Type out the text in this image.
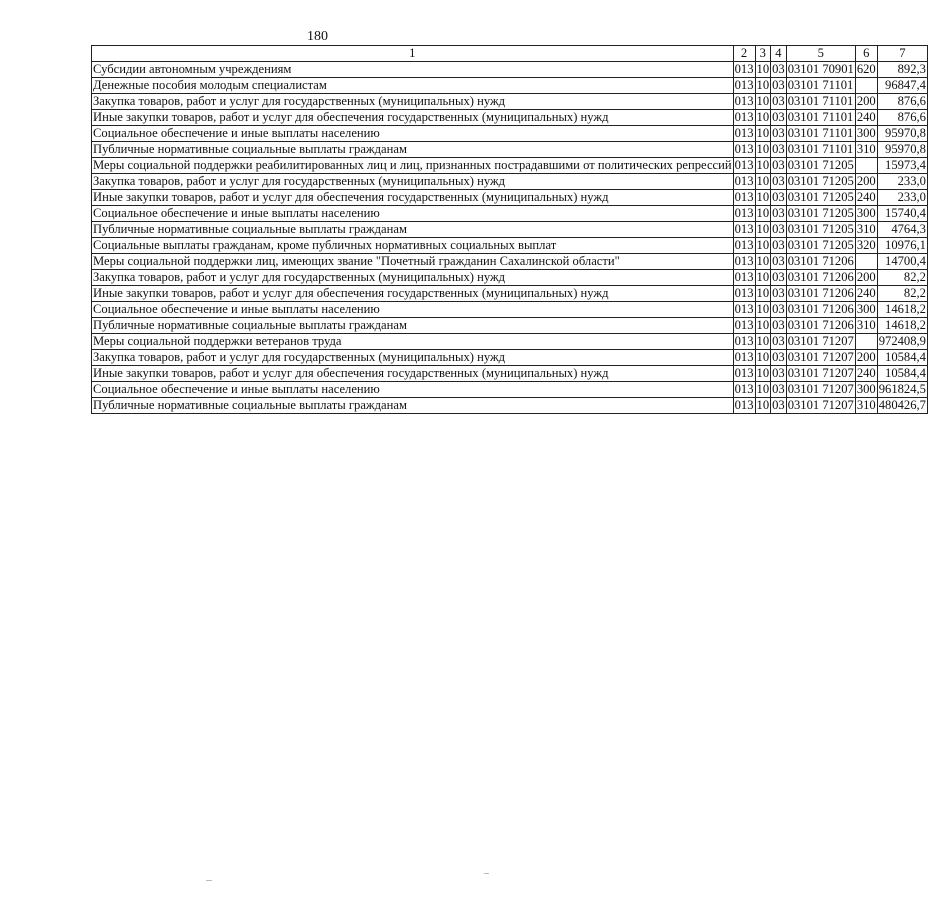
180
1	2	3	4	5	6	7
Субсидии автономным учреждениям	013	10	03	03101 70901	620	892,3
Денежные пособия молодым специалистам	013	10	03	03101 71101		96847,4
Закупка товаров, работ и услуг для государственных (муниципальных) нужд	013	10	03	03101 71101	200	876,6
Иные закупки товаров, работ и услуг для обеспечения государственных (муниципальных) нужд	013	10	03	03101 71101	240	876,6
Социальное обеспечение и иные выплаты населению	013	10	03	03101 71101	300	95970,8
Публичные нормативные социальные выплаты гражданам	013	10	03	03101 71101	310	95970,8
Меры социальной поддержки реабилитированных лиц и лиц, признанных пострадавшими от политических репрессий	013	10	03	03101 71205		15973,4
Закупка товаров, работ и услуг для государственных (муниципальных) нужд	013	10	03	03101 71205	200	233,0
Иные закупки товаров, работ и услуг для обеспечения государственных (муниципальных) нужд	013	10	03	03101 71205	240	233,0
Социальное обеспечение и иные выплаты населению	013	10	03	03101 71205	300	15740,4
Публичные нормативные социальные выплаты гражданам	013	10	03	03101 71205	310	4764,3
Социальные выплаты гражданам, кроме публичных нормативных социальных выплат	013	10	03	03101 71205	320	10976,1
Меры социальной поддержки лиц, имеющих звание "Почетный гражданин Сахалинской области"	013	10	03	03101 71206		14700,4
Закупка товаров, работ и услуг для государственных (муниципальных) нужд	013	10	03	03101 71206	200	82,2
Иные закупки товаров, работ и услуг для обеспечения государственных (муниципальных) нужд	013	10	03	03101 71206	240	82,2
Социальное обеспечение и иные выплаты населению	013	10	03	03101 71206	300	14618,2
Публичные нормативные социальные выплаты гражданам	013	10	03	03101 71206	310	14618,2
Меры социальной поддержки ветеранов труда	013	10	03	03101 71207		972408,9
Закупка товаров, работ и услуг для государственных (муниципальных) нужд	013	10	03	03101 71207	200	10584,4
Иные закупки товаров, работ и услуг для обеспечения государственных (муниципальных) нужд	013	10	03	03101 71207	240	10584,4
Социальное обеспечение и иные выплаты населению	013	10	03	03101 71207	300	961824,5
Публичные нормативные социальные выплаты гражданам	013	10	03	03101 71207	310	480426,7
